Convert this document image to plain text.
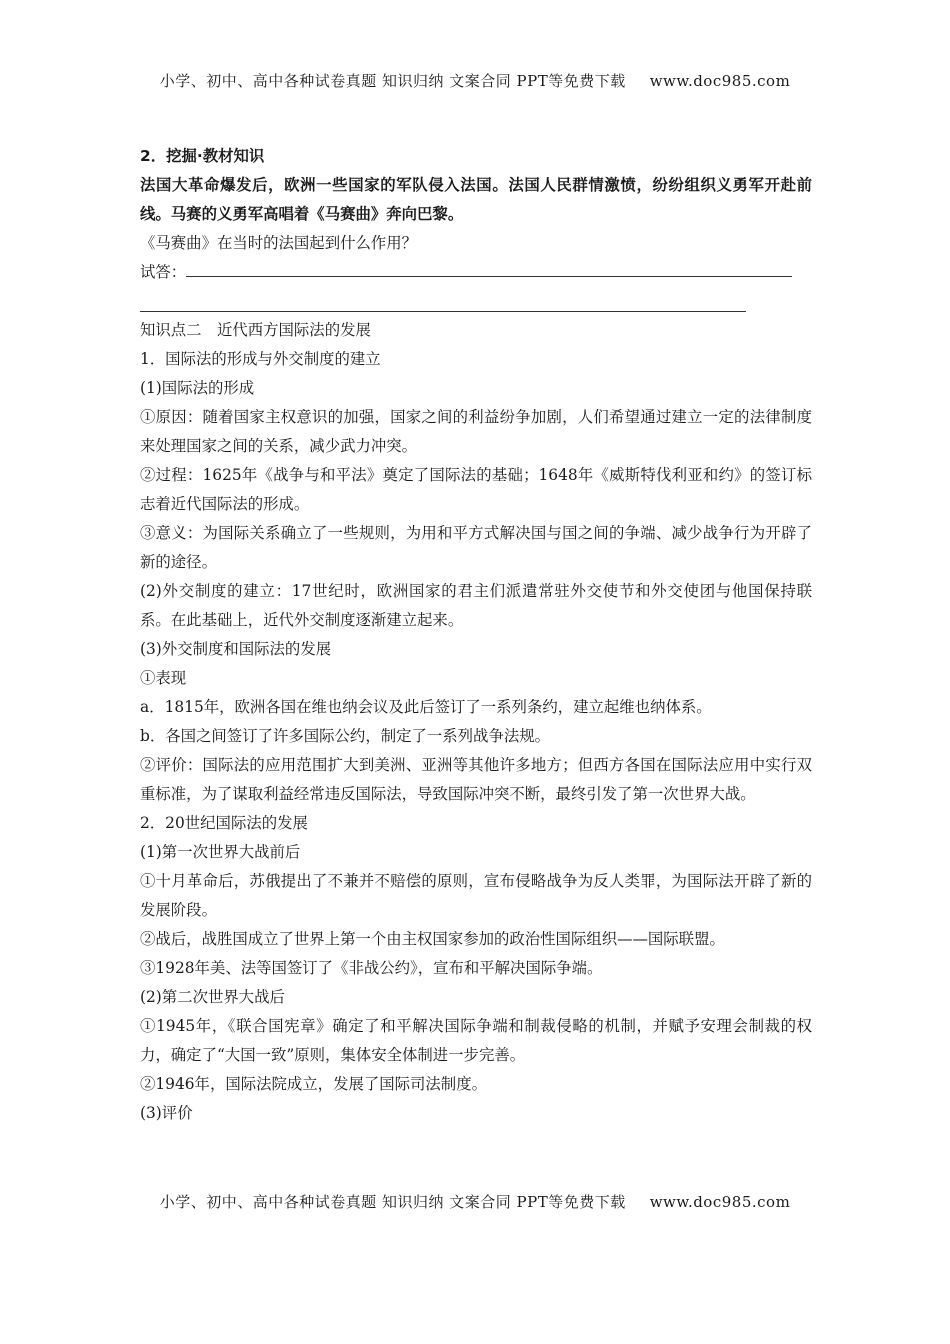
小学、初中、高中各种试卷真题 知识归纳 文案合同 PPT等免费下载 www.doc985.com
2．挖掘·教材知识
法国大革命爆发后，欧洲一些国家的军队侵入法国。法国人民群情激愤，纷纷组织义勇军开赴前线。马赛的义勇军高唱着《马赛曲》奔向巴黎。
《马赛曲》在当时的法国起到什么作用？
试答：
知识点二　近代西方国际法的发展
1．国际法的形成与外交制度的建立
(1)国际法的形成
①原因：随着国家主权意识的加强，国家之间的利益纷争加剧，人们希望通过建立一定的法律制度来处理国家之间的关系，减少武力冲突。
②过程：1625年《战争与和平法》奠定了国际法的基础；1648年《威斯特伐利亚和约》的签订标志着近代国际法的形成。
③意义：为国际关系确立了一些规则，为用和平方式解决国与国之间的争端、减少战争行为开辟了新的途径。
(2)外交制度的建立：17世纪时，欧洲国家的君主们派遣常驻外交使节和外交使团与他国保持联系。在此基础上，近代外交制度逐渐建立起来。
(3)外交制度和国际法的发展
①表现
a．1815年，欧洲各国在维也纳会议及此后签订了一系列条约，建立起维也纳体系。
b．各国之间签订了许多国际公约，制定了一系列战争法规。
②评价：国际法的应用范围扩大到美洲、亚洲等其他许多地方；但西方各国在国际法应用中实行双重标准，为了谋取利益经常违反国际法，导致国际冲突不断，最终引发了第一次世界大战。
2．20世纪国际法的发展
(1)第一次世界大战前后
①十月革命后，苏俄提出了不兼并不赔偿的原则，宣布侵略战争为反人类罪，为国际法开辟了新的发展阶段。
②战后，战胜国成立了世界上第一个由主权国家参加的政治性国际组织——国际联盟。
③1928年美、法等国签订了《非战公约》，宣布和平解决国际争端。
(2)第二次世界大战后
①1945年，《联合国宪章》确定了和平解决国际争端和制裁侵略的机制，并赋予安理会制裁的权力，确定了“大国一致”原则，集体安全体制进一步完善。
②1946年，国际法院成立，发展了国际司法制度。
(3)评价
小学、初中、高中各种试卷真题 知识归纳 文案合同 PPT等免费下载 www.doc985.com
